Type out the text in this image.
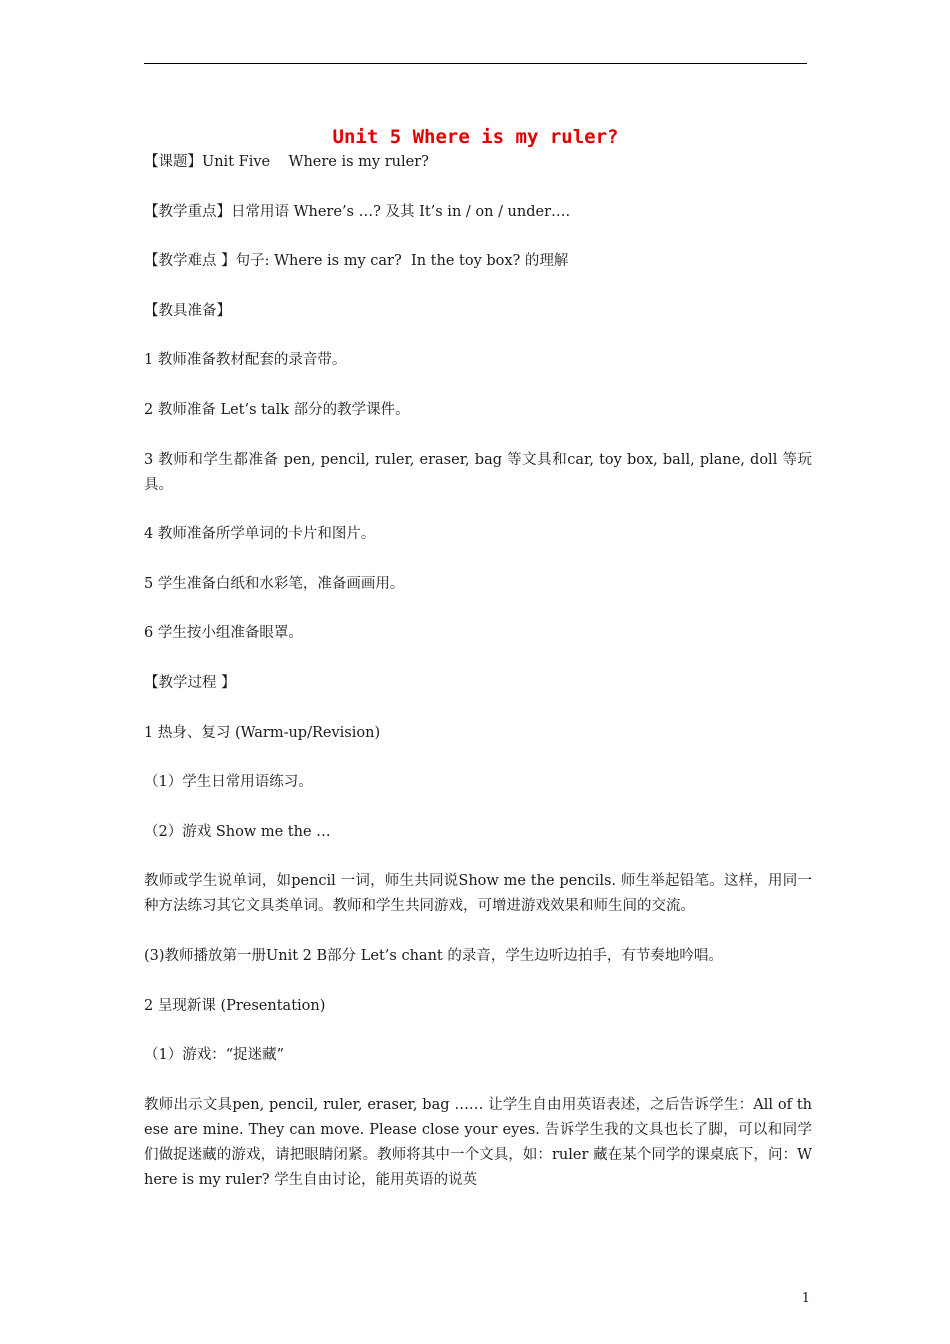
Unit 5 Where is my ruler?

【课题】Unit Five    Where is my ruler?

【教学重点】日常用语 Where’s …? 及其 It’s in / on / under….

【教学难点 】句子: Where is my car?  In the toy box? 的理解

【教具准备】

1 教师准备教材配套的录音带。

2 教师准备 Let’s talk 部分的教学课件。

3 教师和学生都准备 pen, pencil, ruler, eraser, bag 等文具和car, toy box, ball, plane, doll 等玩具。

4 教师准备所学单词的卡片和图片。

5 学生准备白纸和水彩笔，准备画画用。

6 学生按小组准备眼罩。

【教学过程 】

1 热身、复习 (Warm-up/Revision)

（1）学生日常用语练习。

（2）游戏 Show me the …

教师或学生说单词，如pencil 一词，师生共同说Show me the pencils. 师生举起铅笔。这样，用同一种方法练习其它文具类单词。教师和学生共同游戏，可增进游戏效果和师生间的交流。

(3)教师播放第一册Unit 2 B部分 Let’s chant 的录音，学生边听边拍手，有节奏地吟唱。

2 呈现新课 (Presentation)

（1）游戏：“捉迷藏”

教师出示文具pen, pencil, ruler, eraser, bag …… 让学生自由用英语表述，之后告诉学生：All of these are mine. They can move. Please close your eyes. 告诉学生我的文具也长了脚，可以和同学们做捉迷藏的游戏，请把眼睛闭紧。教师将其中一个文具，如：ruler 藏在某个同学的课桌底下，问：Where is my ruler? 学生自由讨论，能用英语的说英

1
